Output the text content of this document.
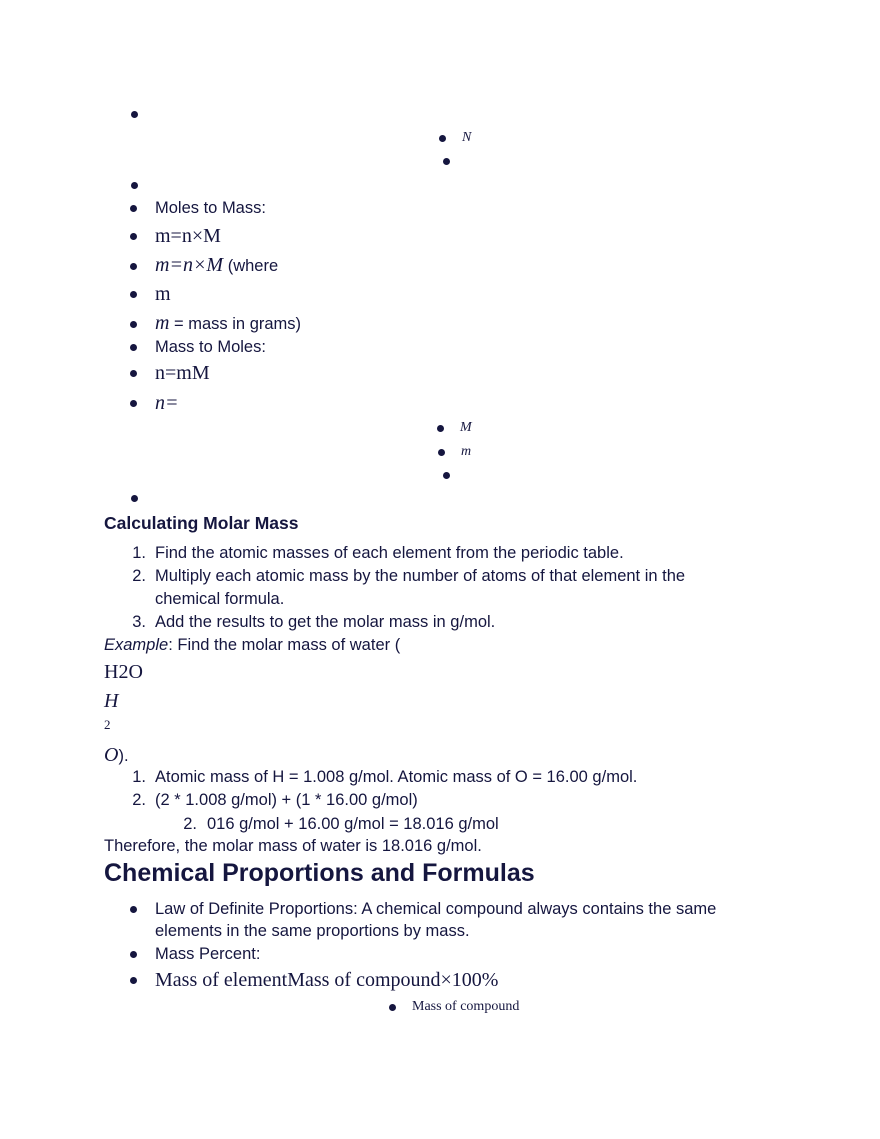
N
Moles to Mass:
m=n×M
m=n×M (where
m
m = mass in grams)
Mass to Moles:
n=mM
n=
M
m
Calculating Molar Mass
1. Find the atomic masses of each element from the periodic table.
2. Multiply each atomic mass by the number of atoms of that element in the
chemical formula.
3. Add the results to get the molar mass in g/mol.
Example: Find the molar mass of water (
H2O
H
2
O).
1. Atomic mass of H = 1.008 g/mol. Atomic mass of O = 16.00 g/mol.
2. (2 * 1.008 g/mol) + (1 * 16.00 g/mol)
2. 016 g/mol + 16.00 g/mol = 18.016 g/mol
Therefore, the molar mass of water is 18.016 g/mol.
Chemical Proportions and Formulas
Law of Definite Proportions: A chemical compound always contains the same
elements in the same proportions by mass.
Mass Percent:
Mass of elementMass of compound×100%
Mass of compound
